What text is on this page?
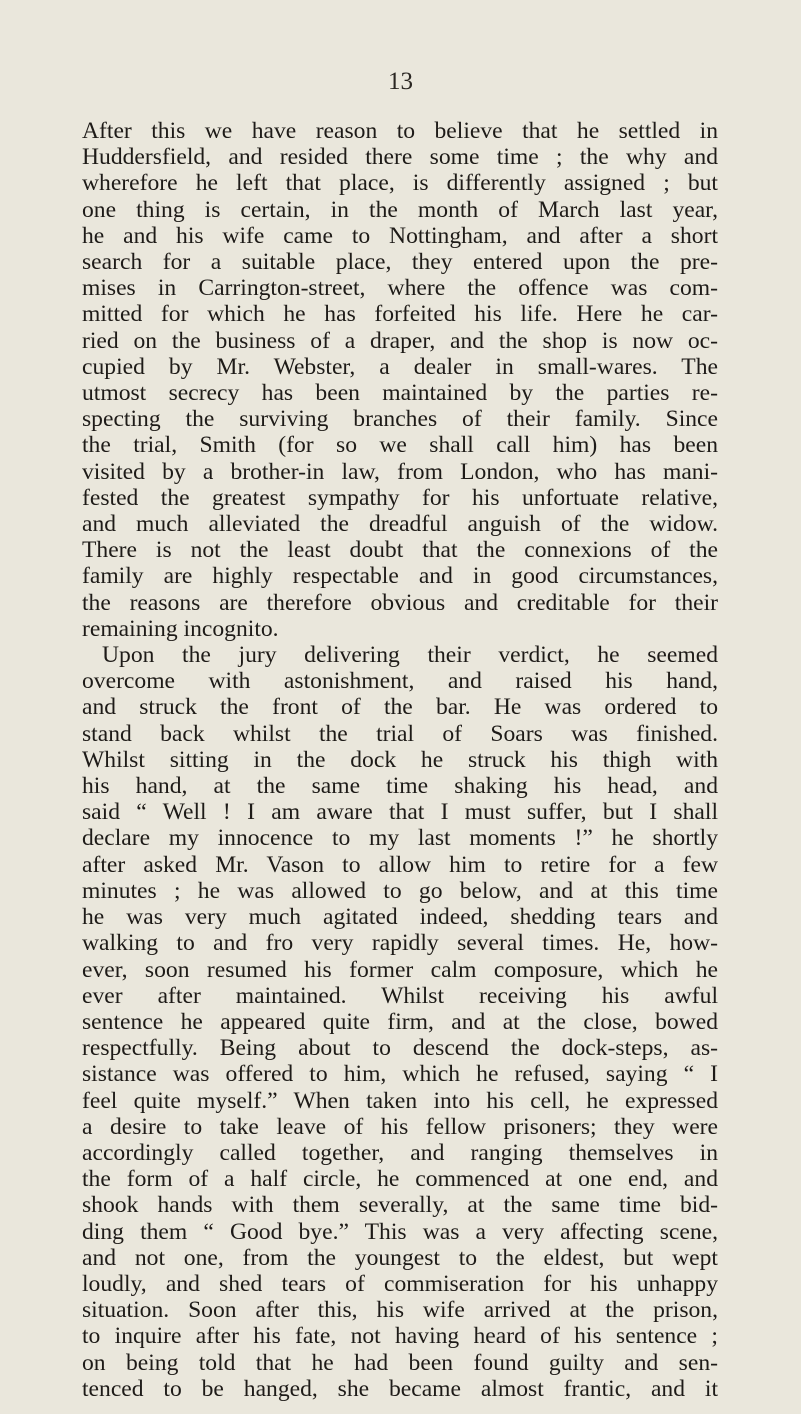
13

After this we have reason to believe that he settled in
Huddersfield, and resided there some time ; the why and
wherefore he left that place, is differently assigned ; but
one thing is certain, in the month of March last year,
he and his wife came to Nottingham, and after a short
search for a suitable place, they entered upon the pre-
mises in Carrington-street, where the offence was com-
mitted for which he has forfeited his life. Here he car-
ried on the business of a draper, and the shop is now oc-
cupied by Mr. Webster, a dealer in small-wares. The
utmost secrecy has been maintained by the parties re-
specting the surviving branches of their family. Since
the trial, Smith (for so we shall call him) has been
visited by a brother-in law, from London, who has mani-
fested the greatest sympathy for his unfortuate relative,
and much alleviated the dreadful anguish of the widow.
There is not the least doubt that the connexions of the
family are highly respectable and in good circumstances,
the reasons are therefore obvious and creditable for their
remaining incognito.

Upon the jury delivering their verdict, he seemed
overcome with astonishment, and raised his hand,
and struck the front of the bar. He was ordered to
stand back whilst the trial of Soars was finished.
Whilst sitting in the dock he struck his thigh with
his hand, at the same time shaking his head, and
said “ Well ! I am aware that I must suffer, but I shall
declare my innocence to my last moments !” he shortly
after asked Mr. Vason to allow him to retire for a few
minutes ; he was allowed to go below, and at this time
he was very much agitated indeed, shedding tears and
walking to and fro very rapidly several times. He, how-
ever, soon resumed his former calm composure, which he
ever after maintained. Whilst receiving his awful
sentence he appeared quite firm, and at the close, bowed
respectfully. Being about to descend the dock-steps, as-
sistance was offered to him, which he refused, saying “ I
feel quite myself.” When taken into his cell, he expressed
a desire to take leave of his fellow prisoners; they were
accordingly called together, and ranging themselves in
the form of a half circle, he commenced at one end, and
shook hands with them severally, at the same time bid-
ding them “ Good bye.” This was a very affecting scene,
and not one, from the youngest to the eldest, but wept
loudly, and shed tears of commiseration for his unhappy
situation. Soon after this, his wife arrived at the prison,
to inquire after his fate, not having heard of his sentence ;
on being told that he had been found guilty and sen-
tenced to be hanged, she became almost frantic, and it
